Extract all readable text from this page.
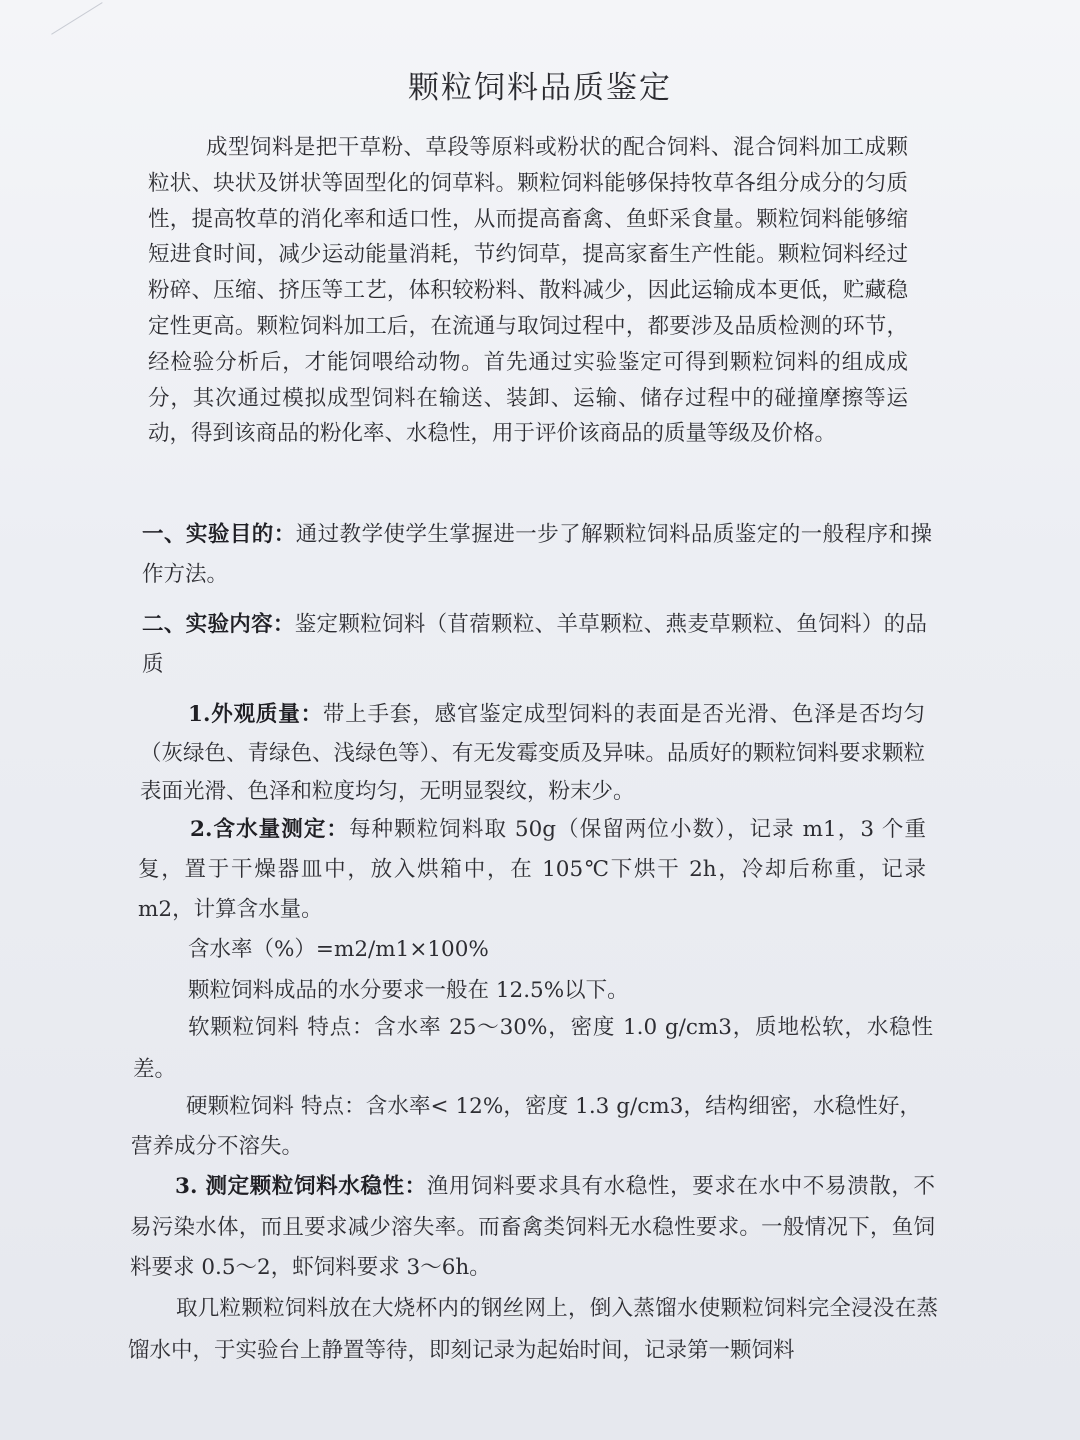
颗粒饲料品质鉴定

成型饲料是把干草粉、草段等原料或粉状的配合饲料、混合饲料加工成颗粒状、块状及饼状等固型化的饲草料。颗粒饲料能够保持牧草各组分成分的匀质性，提高牧草的消化率和适口性，从而提高畜禽、鱼虾采食量。颗粒饲料能够缩短进食时间，减少运动能量消耗，节约饲草，提高家畜生产性能。颗粒饲料经过粉碎、压缩、挤压等工艺，体积较粉料、散料减少，因此运输成本更低，贮藏稳定性更高。颗粒饲料加工后，在流通与取饲过程中，都要涉及品质检测的环节，经检验分析后，才能饲喂给动物。首先通过实验鉴定可得到颗粒饲料的组成成分，其次通过模拟成型饲料在输送、装卸、运输、储存过程中的碰撞摩擦等运动，得到该商品的粉化率、水稳性，用于评价该商品的质量等级及价格。

一、实验目的：通过教学使学生掌握进一步了解颗粒饲料品质鉴定的一般程序和操作方法。

二、实验内容：鉴定颗粒饲料（苜蓿颗粒、羊草颗粒、燕麦草颗粒、鱼饲料）的品质

1.外观质量：带上手套，感官鉴定成型饲料的表面是否光滑、色泽是否均匀（灰绿色、青绿色、浅绿色等）、有无发霉变质及异味。品质好的颗粒饲料要求颗粒表面光滑、色泽和粒度均匀，无明显裂纹，粉末少。

2.含水量测定：每种颗粒饲料取 50g（保留两位小数），记录 m1，3 个重复，置于干燥器皿中，放入烘箱中，在 105℃下烘干 2h，冷却后称重，记录 m2，计算含水量。

含水率（%）=m2/m1×100%

颗粒饲料成品的水分要求一般在 12.5%以下。

软颗粒饲料 特点：含水率 25～30%，密度 1.0 g/cm3，质地松软，水稳性差。

硬颗粒饲料 特点：含水率< 12%，密度 1.3 g/cm3，结构细密，水稳性好，营养成分不溶失。

3. 测定颗粒饲料水稳性：渔用饲料要求具有水稳性，要求在水中不易溃散，不易污染水体，而且要求减少溶失率。而畜禽类饲料无水稳性要求。一般情况下，鱼饲料要求 0.5～2，虾饲料要求 3～6h。

取几粒颗粒饲料放在大烧杯内的钢丝网上，倒入蒸馏水使颗粒饲料完全浸没在蒸馏水中，于实验台上静置等待，即刻记录为起始时间，记录第一颗饲料
